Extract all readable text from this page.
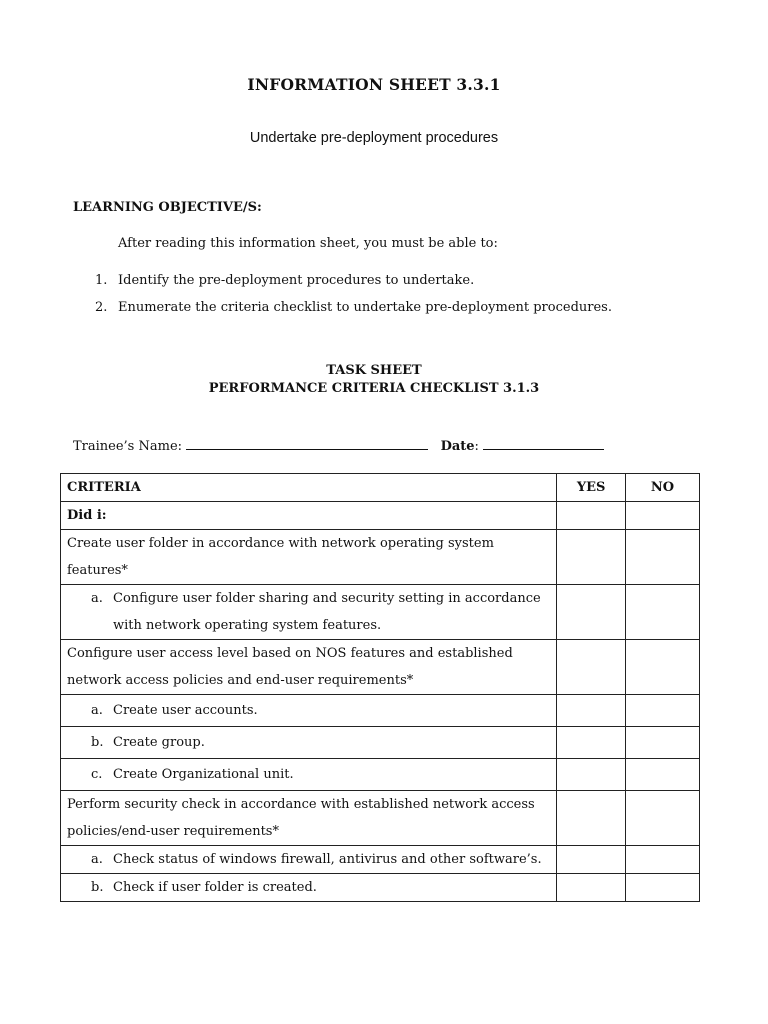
INFORMATION SHEET 3.3.1
Undertake pre-deployment procedures
LEARNING OBJECTIVE/S:
After reading this information sheet, you must be able to:
1. Identify the pre-deployment procedures to undertake.
2. Enumerate the criteria checklist to undertake pre-deployment procedures.
TASK SHEET
PERFORMANCE CRITERIA CHECKLIST 3.1.3
Trainee’s Name:	Date:
CRITERIA	YES	NO
Did i:		
Create user folder in accordance with network operating system features*		

a. Configure user folder sharing and security setting in accordance with network operating system features.		

Configure user access level based on NOS features and established network access policies and end-user requirements*		

a. Create user accounts.		

b. Create group.		

c. Create Organizational unit.		

Perform security check in accordance with established network access policies/end-user requirements*		

a. Check status of windows firewall, antivirus and other software’s.		

b. Check if user folder is created.		
